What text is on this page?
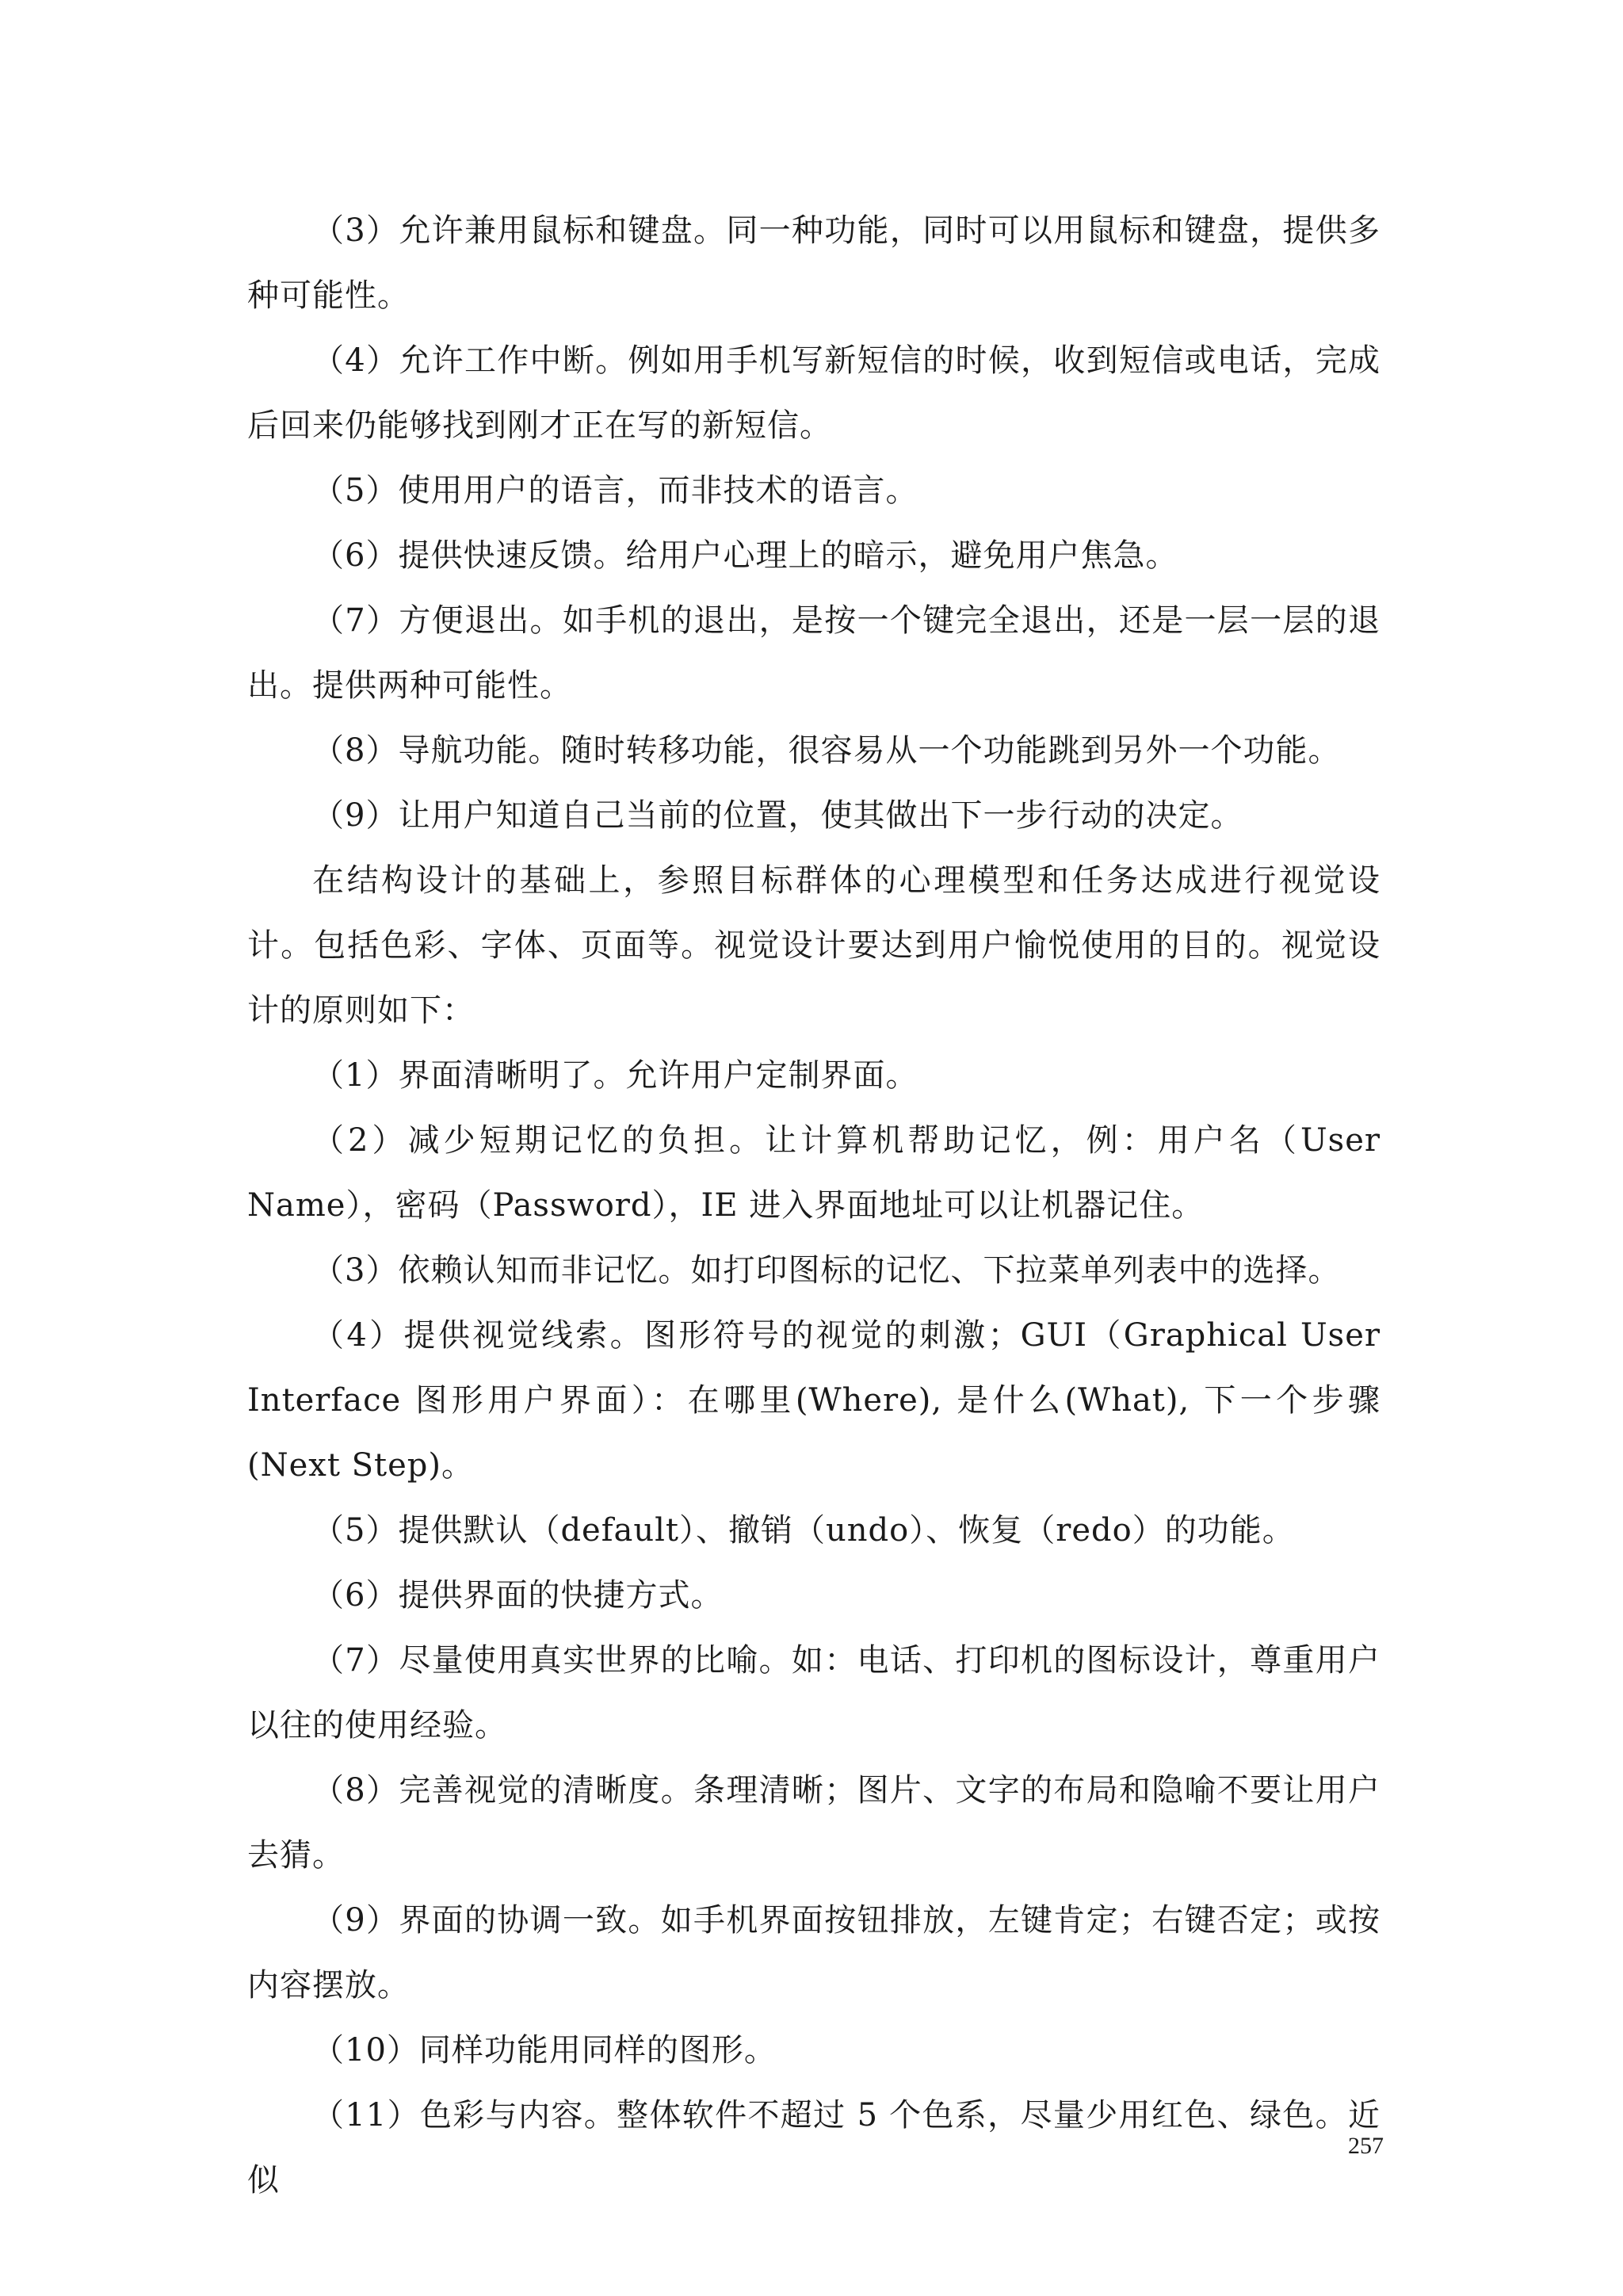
（3）允许兼用鼠标和键盘。同一种功能，同时可以用鼠标和键盘，提供多种可能性。

（4）允许工作中断。例如用手机写新短信的时候，收到短信或电话，完成后回来仍能够找到刚才正在写的新短信。

（5）使用用户的语言，而非技术的语言。

（6）提供快速反馈。给用户心理上的暗示，避免用户焦急。

（7）方便退出。如手机的退出，是按一个键完全退出，还是一层一层的退出。提供两种可能性。

（8）导航功能。随时转移功能，很容易从一个功能跳到另外一个功能。

（9）让用户知道自己当前的位置，使其做出下一步行动的决定。

在结构设计的基础上，参照目标群体的心理模型和任务达成进行视觉设计。包括色彩、字体、页面等。视觉设计要达到用户愉悦使用的目的。视觉设计的原则如下：

（1）界面清晰明了。允许用户定制界面。

（2）减少短期记忆的负担。让计算机帮助记忆，例：用户名（User Name），密码（Password），IE 进入界面地址可以让机器记住。

（3）依赖认知而非记忆。如打印图标的记忆、下拉菜单列表中的选择。

（4）提供视觉线索。图形符号的视觉的刺激；GUI（Graphical User Interface 图形用户界面）：在哪里(Where), 是什么(What), 下一个步骤(Next Step)。

（5）提供默认（default）、撤销（undo）、恢复（redo）的功能。

（6）提供界面的快捷方式。

（7）尽量使用真实世界的比喻。如：电话、打印机的图标设计，尊重用户以往的使用经验。

（8）完善视觉的清晰度。条理清晰；图片、文字的布局和隐喻不要让用户去猜。

（9）界面的协调一致。如手机界面按钮排放，左键肯定；右键否定；或按内容摆放。

（10）同样功能用同样的图形。

（11）色彩与内容。整体软件不超过 5 个色系，尽量少用红色、绿色。近似

257
